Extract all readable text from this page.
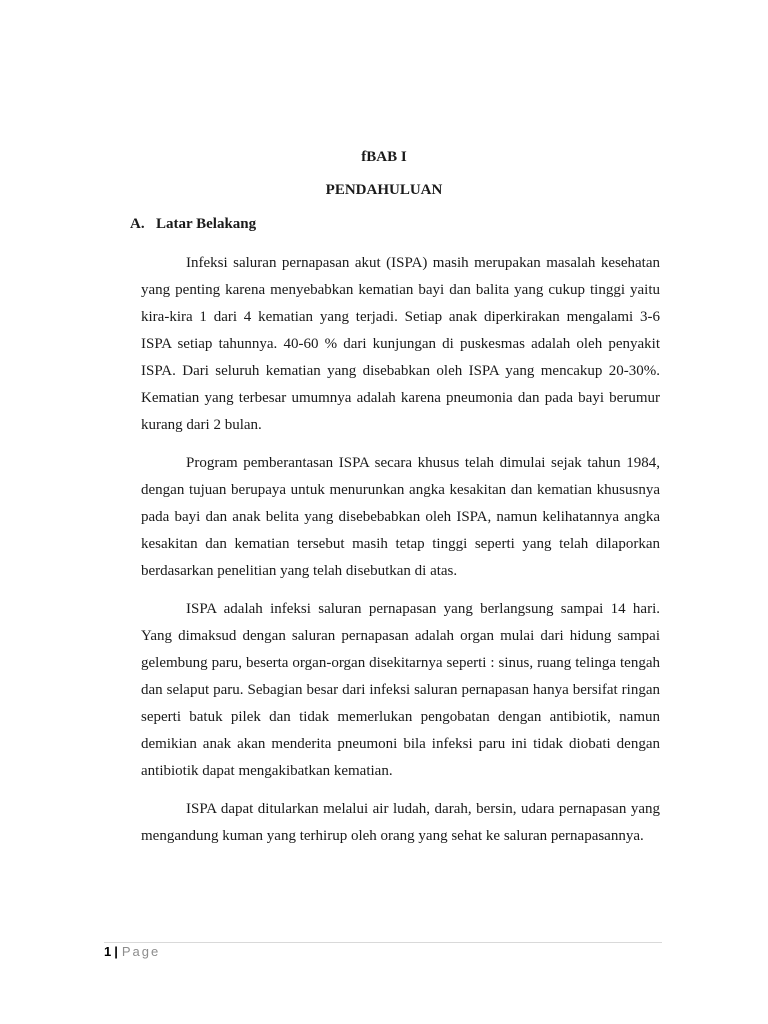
fBAB I
PENDAHULUAN
A. Latar Belakang

Infeksi saluran pernapasan akut (ISPA) masih merupakan masalah kesehatan yang penting karena menyebabkan kematian bayi dan balita yang cukup tinggi yaitu kira-kira 1 dari 4 kematian yang terjadi. Setiap anak diperkirakan mengalami 3-6 ISPA setiap tahunnya. 40-60 % dari kunjungan di puskesmas adalah oleh penyakit ISPA. Dari seluruh kematian yang disebabkan oleh ISPA yang mencakup 20-30%. Kematian yang terbesar umumnya adalah karena pneumonia dan pada bayi berumur kurang dari 2 bulan.

Program pemberantasan ISPA secara khusus telah dimulai sejak tahun 1984, dengan tujuan berupaya untuk menurunkan angka kesakitan dan kematian khususnya pada bayi dan anak belita yang disebebabkan oleh ISPA, namun kelihatannya angka kesakitan dan kematian tersebut masih tetap tinggi seperti yang telah dilaporkan berdasarkan penelitian yang telah disebutkan di atas.

ISPA adalah infeksi saluran pernapasan yang berlangsung sampai 14 hari. Yang dimaksud dengan saluran pernapasan adalah organ mulai dari hidung sampai gelembung paru, beserta organ-organ disekitarnya seperti : sinus, ruang telinga tengah dan selaput paru. Sebagian besar dari infeksi saluran pernapasan hanya bersifat ringan seperti batuk pilek dan tidak memerlukan pengobatan dengan antibiotik, namun demikian anak akan menderita pneumoni bila infeksi paru ini tidak diobati dengan antibiotik dapat mengakibatkan kematian.

ISPA dapat ditularkan melalui air ludah, darah, bersin, udara pernapasan yang mengandung kuman yang terhirup oleh orang yang sehat ke saluran pernapasannya.

1 | Page
